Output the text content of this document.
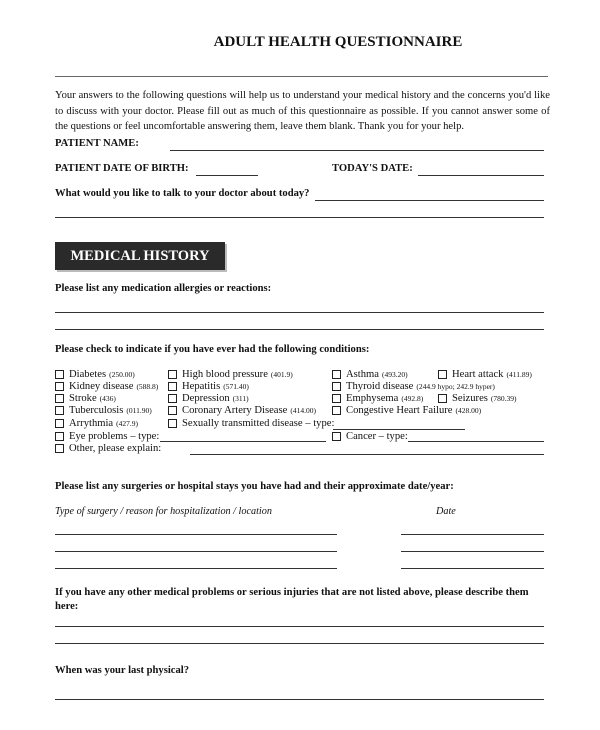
ADULT HEALTH QUESTIONNAIRE
Your answers to the following questions will help us to understand your medical history and the concerns you'd like to discuss with your doctor. Please fill out as much of this questionnaire as possible. If you cannot answer some of the questions or feel uncomfortable answering them, leave them blank. Thank you for your help.
PATIENT NAME:
PATIENT DATE OF BIRTH:	TODAY'S DATE:
What would you like to talk to your doctor about today?
MEDICAL HISTORY
Please list any medication allergies or reactions:
Please check to indicate if you have ever had the following conditions:
Diabetes (250.00)
Kidney disease (588.8)
Stroke (436)
Tuberculosis (011.90)
Arrythmia (427.9)
High blood pressure (401.9)
Hepatitis (571.40)
Depression (311)
Coronary Artery Disease (414.00)
Sexually transmitted disease – type:
Asthma (493.20)
Thyroid disease (244.9 hypo; 242.9 hyper)
Emphysema (492.8)
Congestive Heart Failure (428.00)
Cancer – type:
Heart attack (411.89)
Seizures (780.39)
Eye problems – type:
Other, please explain:
Please list any surgeries or hospital stays you have had and their approximate date/year:
Type of surgery / reason for hospitalization / location	Date
If you have any other medical problems or serious injuries that are not listed above, please describe them here:
When was your last physical?
